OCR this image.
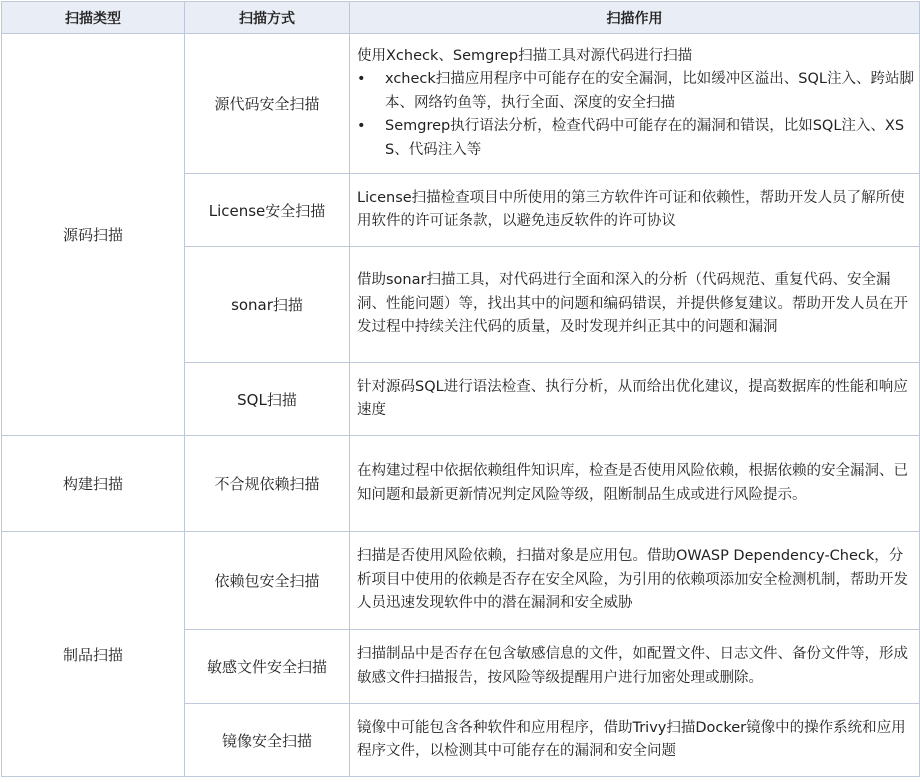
扫描类型	扫描方式	扫描作用
源码扫描	源代码安全扫描	使用Xcheck、Semgrep扫描工具对源代码进行扫描
• xcheck扫描应用程序中可能存在的安全漏洞，比如缓冲区溢出、SQL注入、跨站脚本、网络钓鱼等，执行全面、深度的安全扫描
• Semgrep执行语法分析，检查代码中可能存在的漏洞和错误，比如SQL注入、XSS、代码注入等

	License安全扫描	License扫描检查项目中所使用的第三方软件许可证和依赖性，帮助开发人员了解所使用软件的许可证条款，以避免违反软件的许可协议
	sonar扫描	借助sonar扫描工具，对代码进行全面和深入的分析（代码规范、重复代码、安全漏洞、性能问题）等，找出其中的问题和编码错误，并提供修复建议。帮助开发人员在开发过程中持续关注代码的质量，及时发现并纠正其中的问题和漏洞
	SQL扫描	针对源码SQL进行语法检查、执行分析，从而给出优化建议，提高数据库的性能和响应速度
构建扫描	不合规依赖扫描	在构建过程中依据依赖组件知识库，检查是否使用风险依赖，根据依赖的安全漏洞、已知问题和最新更新情况判定风险等级，阻断制品生成或进行风险提示。
制品扫描	依赖包安全扫描	扫描是否使用风险依赖，扫描对象是应用包。借助OWASP Dependency-Check，分析项目中使用的依赖是否存在安全风险，为引用的依赖项添加安全检测机制，帮助开发人员迅速发现软件中的潜在漏洞和安全威胁
	敏感文件安全扫描	扫描制品中是否存在包含敏感信息的文件，如配置文件、日志文件、备份文件等，形成敏感文件扫描报告，按风险等级提醒用户进行加密处理或删除。
	镜像安全扫描	镜像中可能包含各种软件和应用程序，借助Trivy扫描Docker镜像中的操作系统和应用程序文件，以检测其中可能存在的漏洞和安全问题
